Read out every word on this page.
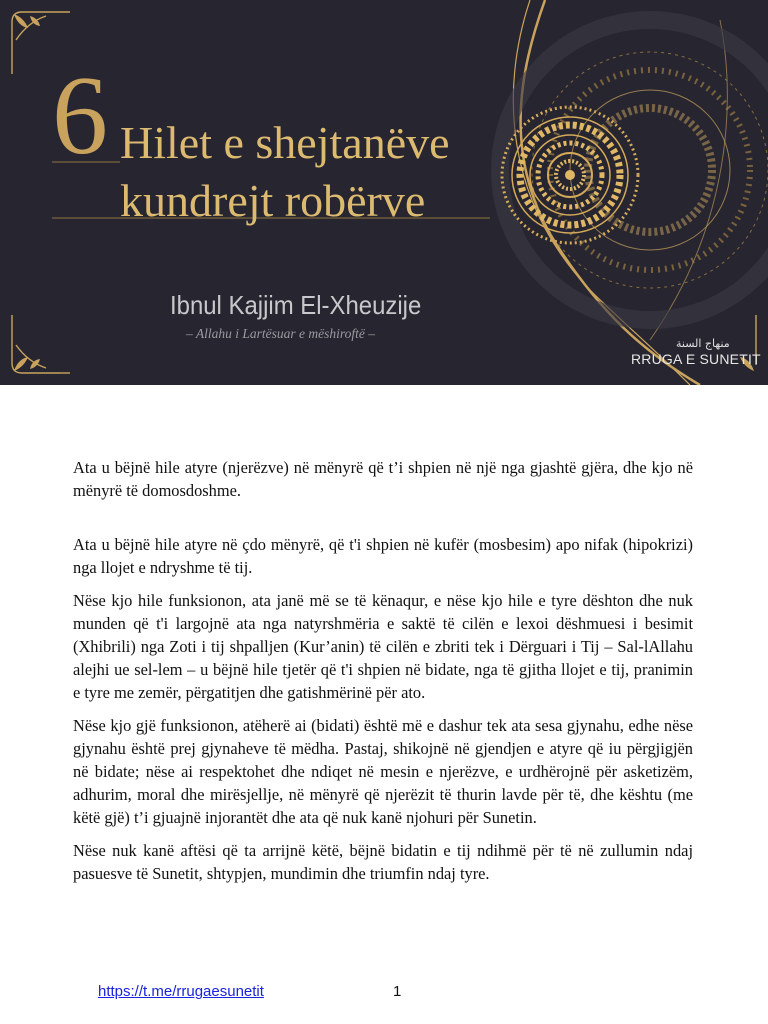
6 Hilet e shejtanëve
kundrejt robërve
Ibnul Kajjim El-Xheuzije
– Allahu i Lartësuar e mëshiroftë –
منهاج السنة
RRUGA E SUNETIT

Ata u bëjnë hile atyre (njerëzve) në mënyrë që t’i shpien në një nga gjashtë gjëra, dhe kjo në mënyrë të domosdoshme.

Ata u bëjnë hile atyre në çdo mënyrë, që t'i shpien në kufër (mosbesim) apo nifak (hipokrizi) nga llojet e ndryshme të tij.

Nëse kjo hile funksionon, ata janë më se të kënaqur, e nëse kjo hile e tyre dështon dhe nuk munden që t'i largojnë ata nga natyrshmëria e saktë të cilën e lexoi dëshmuesi i besimit (Xhibrili) nga Zoti i tij shpalljen (Kur’anin) të cilën e zbriti tek i Dërguari i Tij – Sal-lAllahu alejhi ue sel-lem – u bëjnë hile tjetër që t'i shpien në bidate, nga të gjitha llojet e tij, pranimin e tyre me zemër, përgatitjen dhe gatishmërinë për ato.

Nëse kjo gjë funksionon, atëherë ai (bidati) është më e dashur tek ata sesa gjynahu, edhe nëse gjynahu është prej gjynaheve të mëdha. Pastaj, shikojnë në gjendjen e atyre që iu përgjigjën në bidate; nëse ai respektohet dhe ndiqet në mesin e njerëzve, e urdhërojnë për asketizëm, adhurim, moral dhe mirësjellje, në mënyrë që njerëzit të thurin lavde për të, dhe kështu (me këtë gjë) t’i gjuajnë injorantët dhe ata që nuk kanë njohuri për Sunetin.

Nëse nuk kanë aftësi që ta arrijnë këtë, bëjnë bidatin e tij ndihmë për të në zullumin ndaj pasuesve të Sunetit, shtypjen, mundimin dhe triumfin ndaj tyre.

https://t.me/rrugaesunetit	1
